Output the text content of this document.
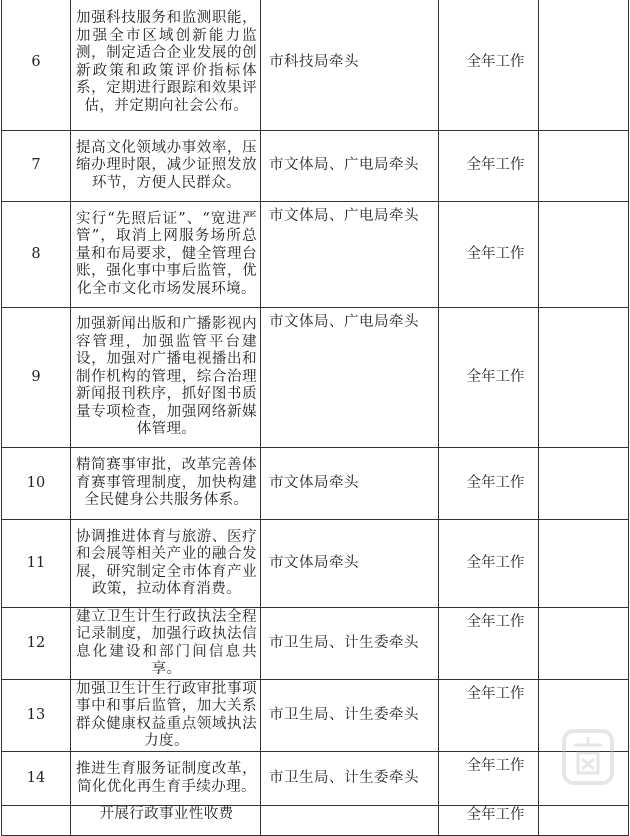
6	加强科技服务和监测职能，加强全市区域创新能力监测，制定适合企业发展的创新政策和政策评价指标体系，定期进行跟踪和效果评估，并定期向社会公布。	市科技局牵头	全年工作	
7	提高文化领域办事效率，压缩办理时限，减少证照发放环节，方便人民群众。	市文体局、广电局牵头	全年工作	
8	实行“先照后证”、“宽进严管”，取消上网服务场所总量和布局要求，健全管理台账，强化事中事后监管，优化全市文化市场发展环境。	市文体局、广电局牵头	全年工作	
9	加强新闻出版和广播影视内容管理，加强监管平台建设，加强对广播电视播出和制作机构的管理，综合治理新闻报刊秩序，抓好图书质量专项检查，加强网络新媒体管理。	市文体局、广电局牵头	全年工作	
10	精简赛事审批，改革完善体育赛事管理制度，加快构建全民健身公共服务体系。	市文体局牵头	全年工作	
11	协调推进体育与旅游、医疗和会展等相关产业的融合发展，研究制定全市体育产业政策，拉动体育消费。	市文体局牵头	全年工作	
12	建立卫生计生行政执法全程记录制度，加强行政执法信息化建设和部门间信息共享。	市卫生局、计生委牵头	全年工作	
13	加强卫生计生行政审批事项事中和事后监管，加大关系群众健康权益重点领域执法力度。	市卫生局、计生委牵头	全年工作	
14	推进生育服务证制度改革，简化优化再生育手续办理。	市卫生局、计生委牵头	全年工作	
	开展行政事业性收费		全年工作	
